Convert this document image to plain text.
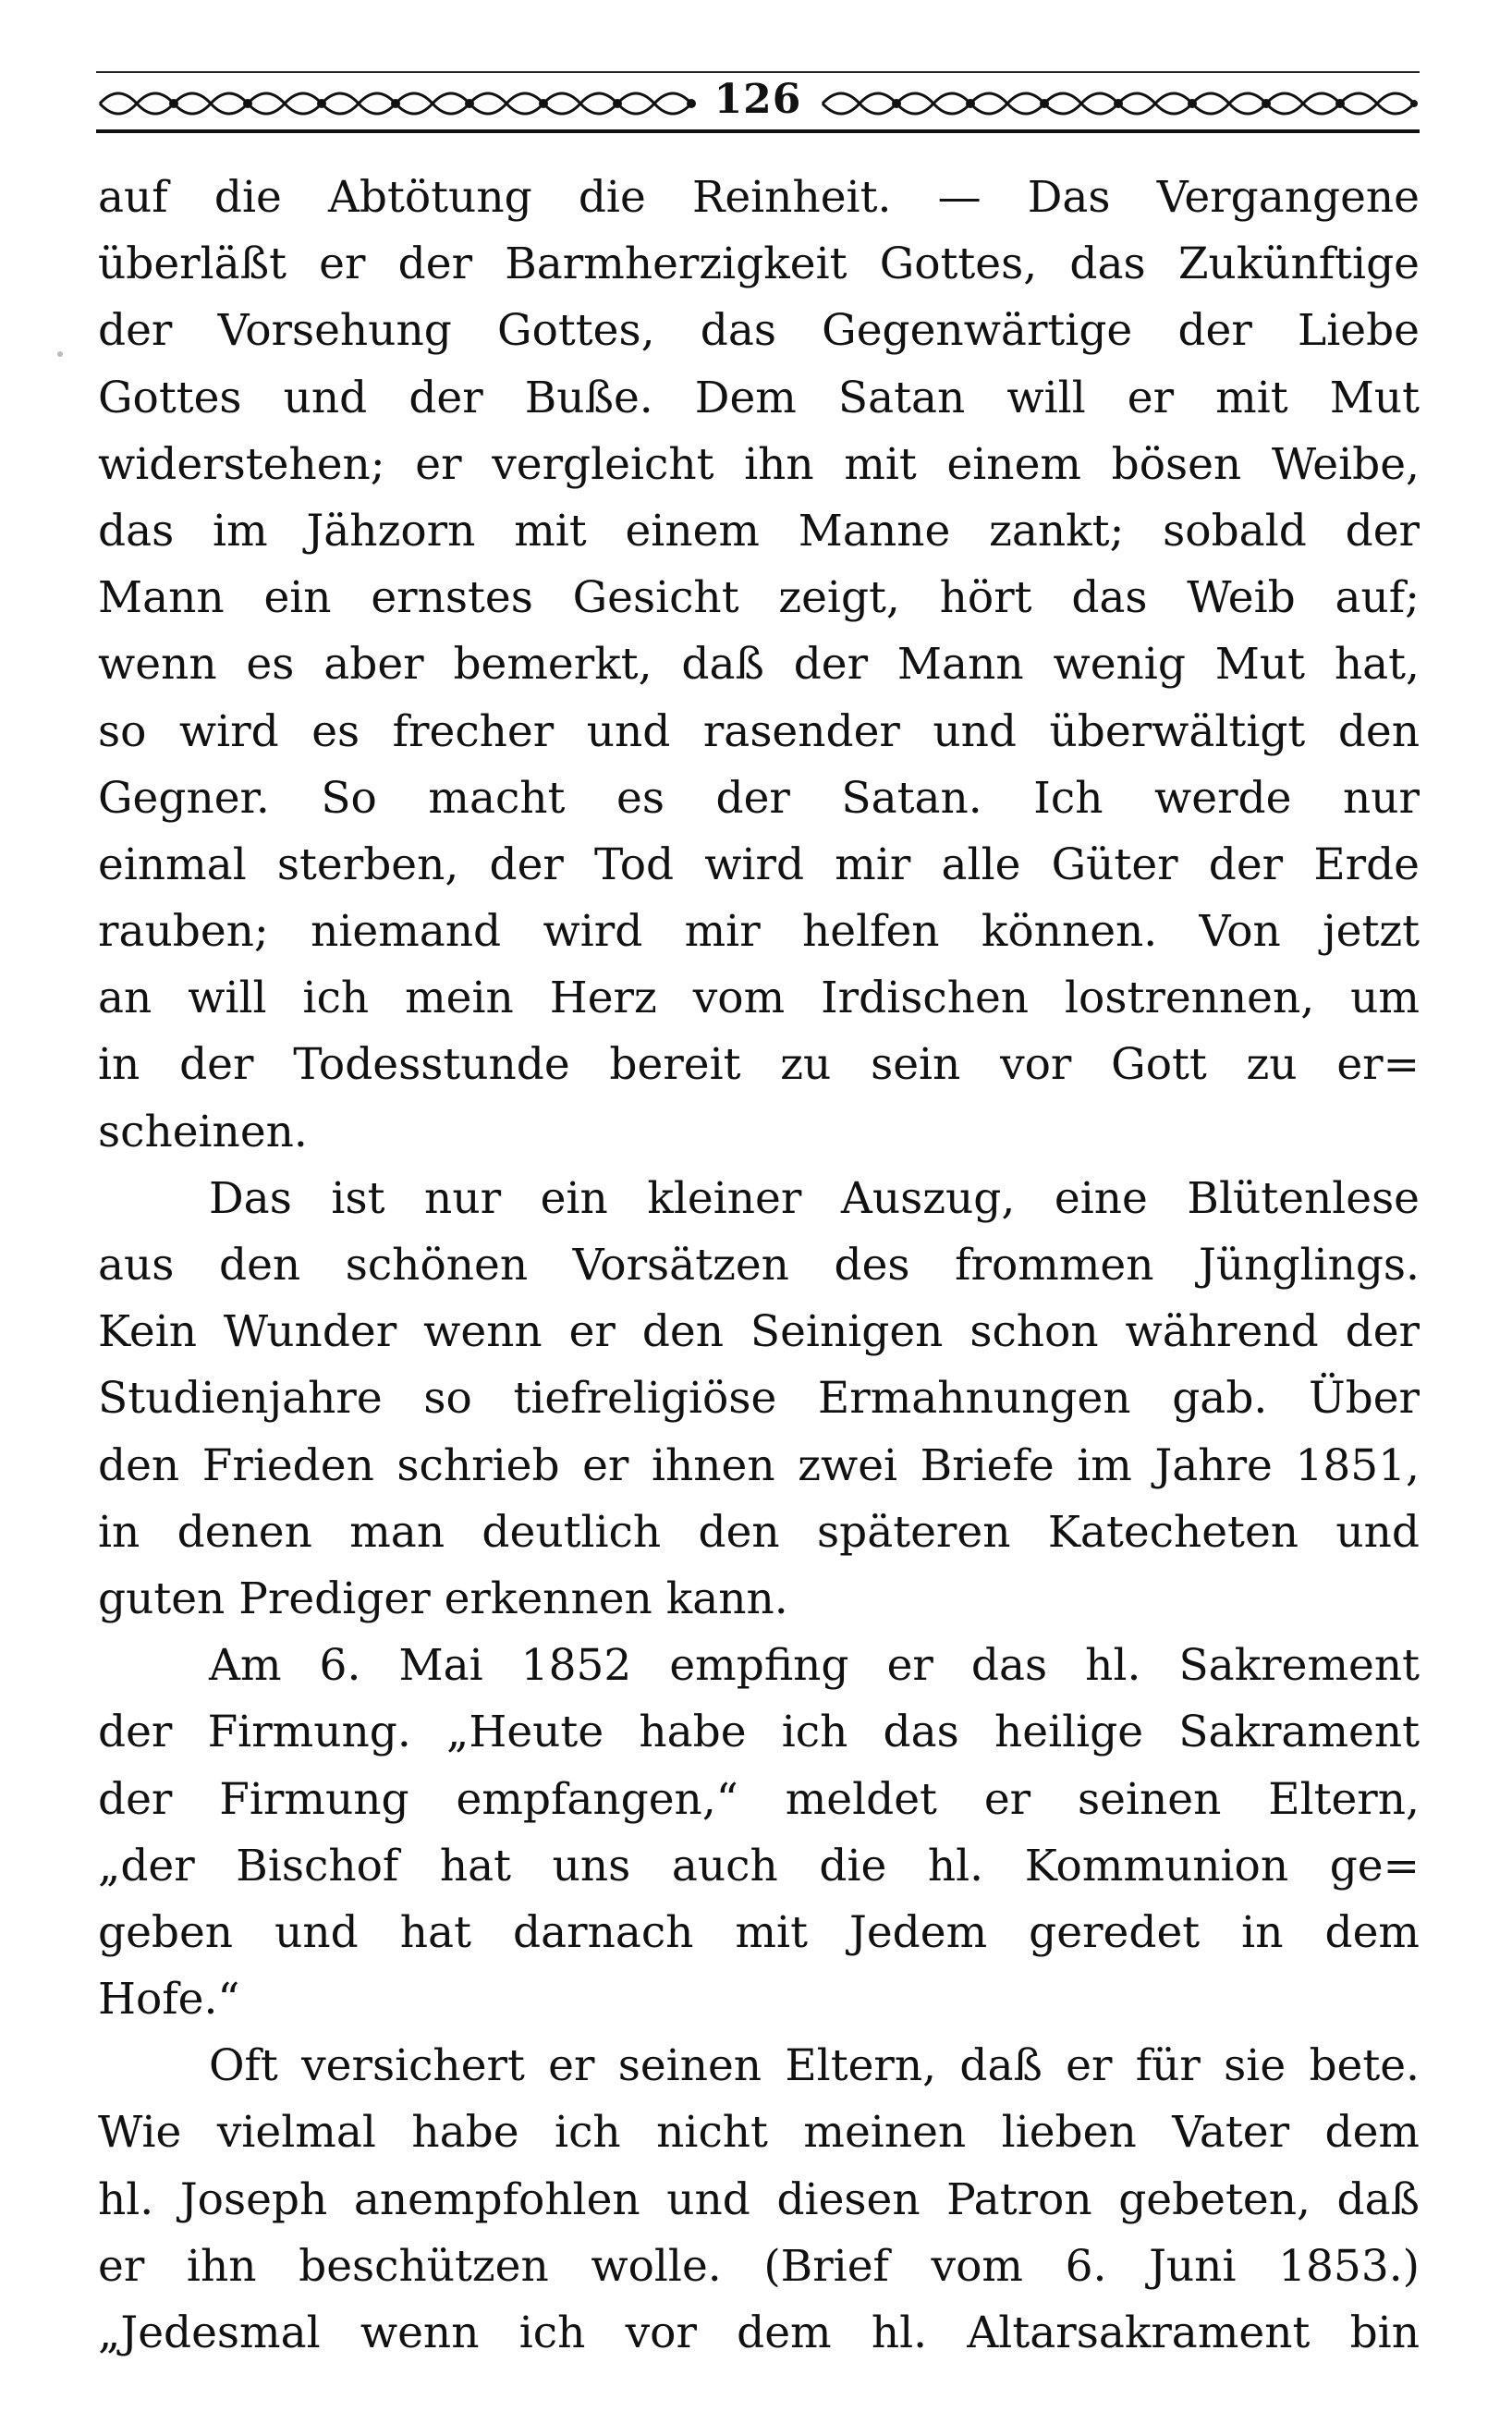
126
auf die Abtötung die Reinheit. — Das Vergangene
überläßt er der Barmherzigkeit Gottes, das Zukünftige
der Vorsehung Gottes, das Gegenwärtige der Liebe
Gottes und der Buße. Dem Satan will er mit Mut
widerstehen; er vergleicht ihn mit einem bösen Weibe,
das im Jähzorn mit einem Manne zankt; sobald der
Mann ein ernstes Gesicht zeigt, hört das Weib auf;
wenn es aber bemerkt, daß der Mann wenig Mut hat,
so wird es frecher und rasender und überwältigt den
Gegner. So macht es der Satan. Ich werde nur
einmal sterben, der Tod wird mir alle Güter der Erde
rauben; niemand wird mir helfen können. Von jetzt
an will ich mein Herz vom Irdischen lostrennen, um
in der Todesstunde bereit zu sein vor Gott zu er=
scheinen.
Das ist nur ein kleiner Auszug, eine Blütenlese
aus den schönen Vorsätzen des frommen Jünglings.
Kein Wunder wenn er den Seinigen schon während der
Studienjahre so tiefreligiöse Ermahnungen gab. Über
den Frieden schrieb er ihnen zwei Briefe im Jahre 1851,
in denen man deutlich den späteren Katecheten und
guten Prediger erkennen kann.
Am 6. Mai 1852 empfing er das hl. Sakrement
der Firmung. „Heute habe ich das heilige Sakrament
der Firmung empfangen,“ meldet er seinen Eltern,
„der Bischof hat uns auch die hl. Kommunion ge=
geben und hat darnach mit Jedem geredet in dem
Hofe.“
Oft versichert er seinen Eltern, daß er für sie bete.
Wie vielmal habe ich nicht meinen lieben Vater dem
hl. Joseph anempfohlen und diesen Patron gebeten, daß
er ihn beschützen wolle. (Brief vom 6. Juni 1853.)
„Jedesmal wenn ich vor dem hl. Altarsakrament bin
